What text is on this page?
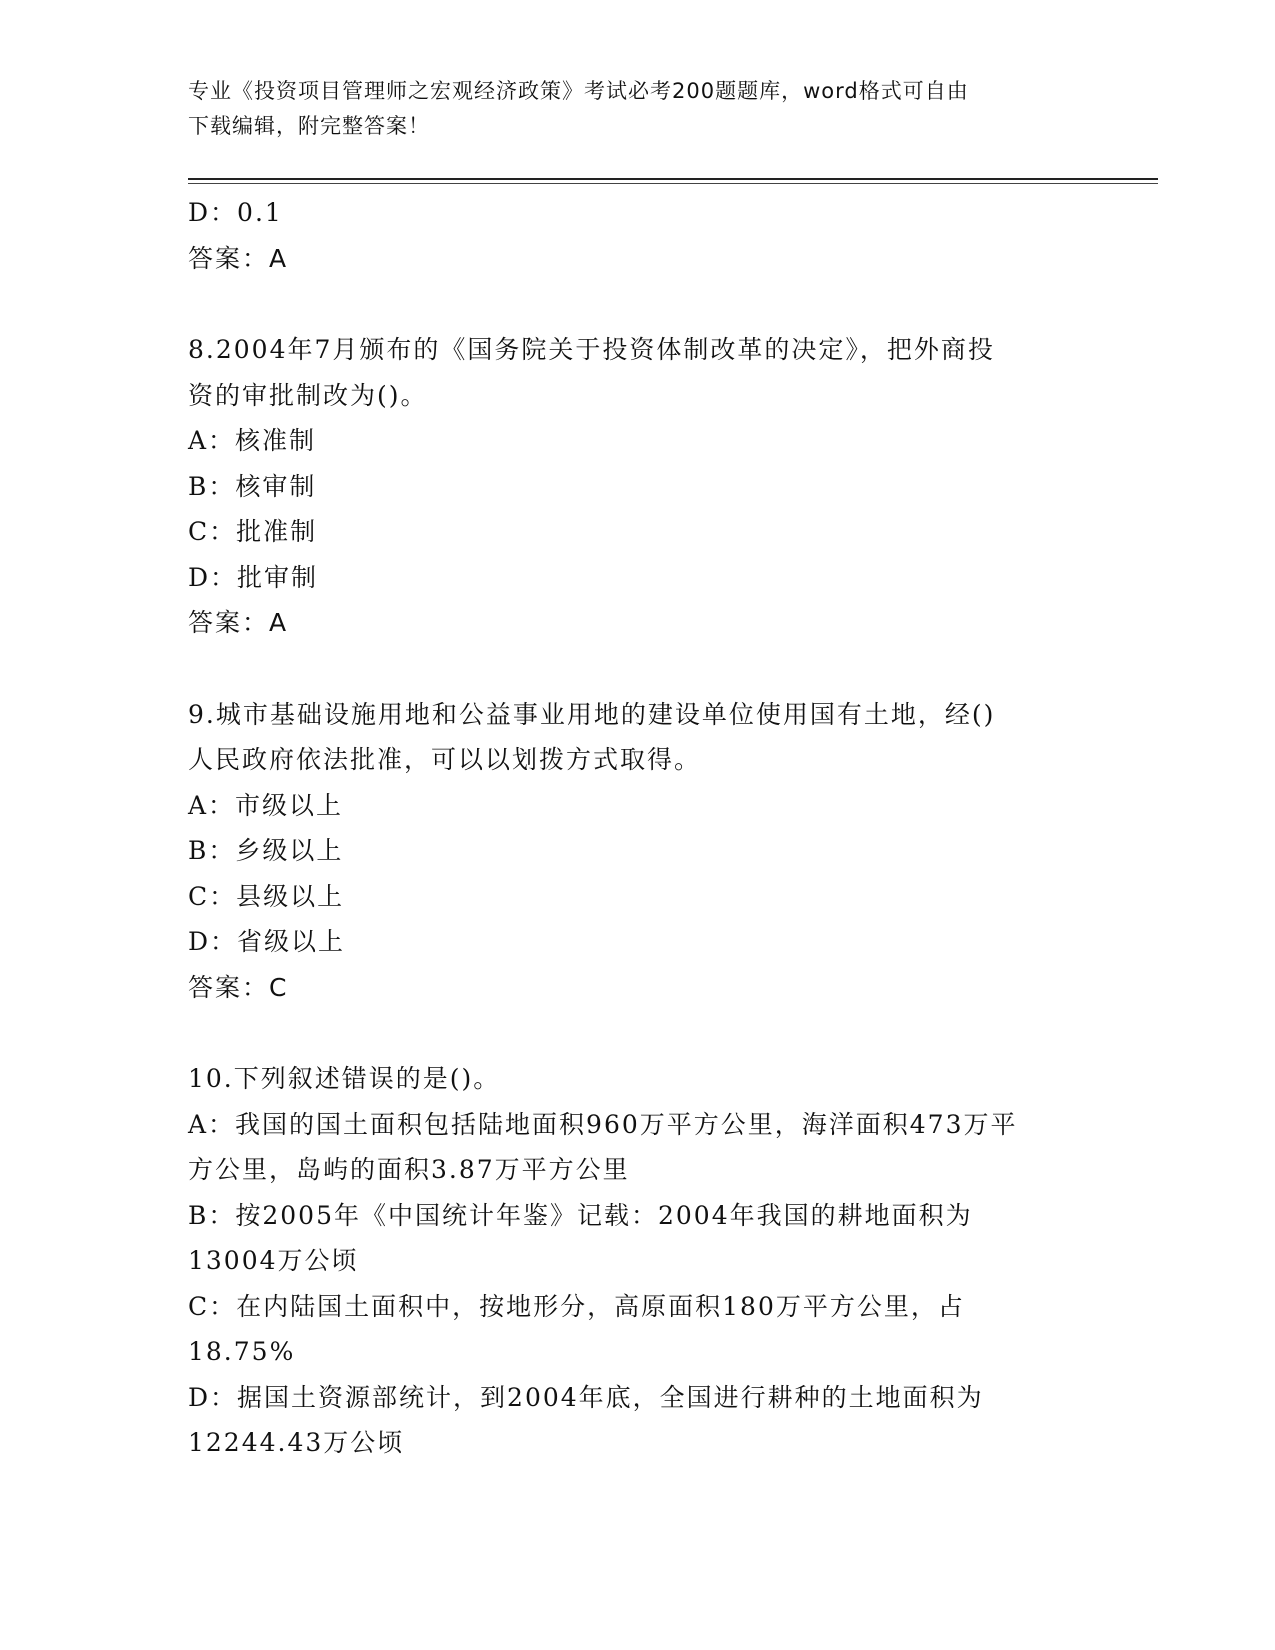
专业《投资项目管理师之宏观经济政策》考试必考200题题库，word格式可自由
下载编辑，附完整答案！
D：0.1
答案：A
8.2004年7月颁布的《国务院关于投资体制改革的决定》，把外商投
资的审批制改为()。
A：核准制
B：核审制
C：批准制
D：批审制
答案：A
9.城市基础设施用地和公益事业用地的建设单位使用国有土地，经()
人民政府依法批准，可以以划拨方式取得。
A：市级以上
B：乡级以上
C：县级以上
D：省级以上
答案：C
10.下列叙述错误的是()。
A：我国的国土面积包括陆地面积960万平方公里，海洋面积473万平
方公里，岛屿的面积3.87万平方公里
B：按2005年《中国统计年鉴》记载：2004年我国的耕地面积为
13004万公顷
C：在内陆国土面积中，按地形分，高原面积180万平方公里，占
18.75%
D：据国土资源部统计，到2004年底，全国进行耕种的土地面积为
12244.43万公顷
